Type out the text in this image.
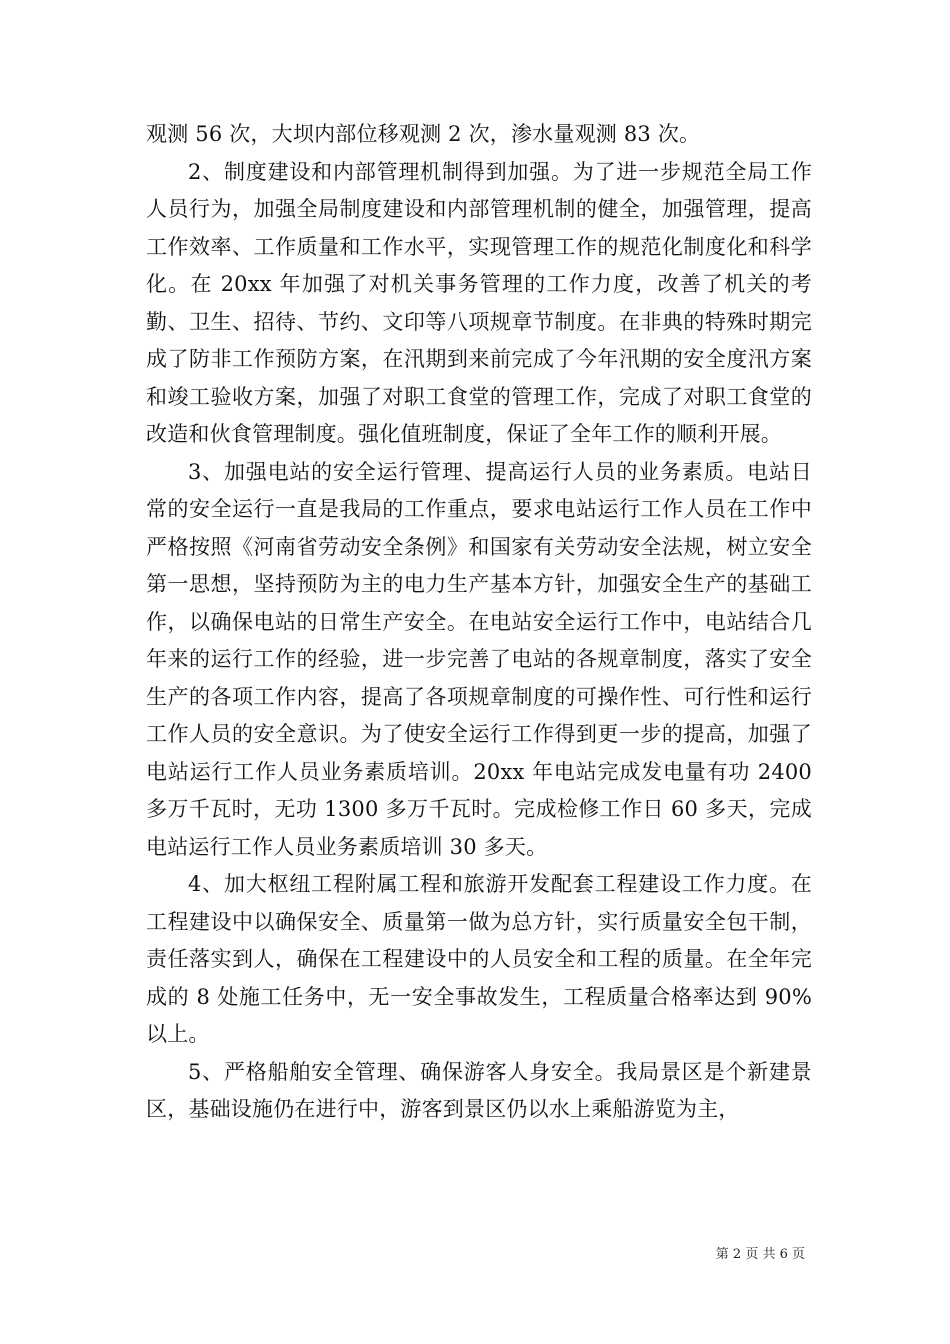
观测 56 次，大坝内部位移观测 2 次，渗水量观测 83 次。

2、制度建设和内部管理机制得到加强。为了进一步规范全局工作人员行为，加强全局制度建设和内部管理机制的健全，加强管理，提高工作效率、工作质量和工作水平，实现管理工作的规范化制度化和科学化。在 20xx 年加强了对机关事务管理的工作力度，改善了机关的考勤、卫生、招待、节约、文印等八项规章节制度。在非典的特殊时期完成了防非工作预防方案，在汛期到来前完成了今年汛期的安全度汛方案和竣工验收方案，加强了对职工食堂的管理工作，完成了对职工食堂的改造和伙食管理制度。强化值班制度，保证了全年工作的顺利开展。

3、加强电站的安全运行管理、提高运行人员的业务素质。电站日常的安全运行一直是我局的工作重点，要求电站运行工作人员在工作中严格按照《河南省劳动安全条例》和国家有关劳动安全法规，树立安全第一思想，坚持预防为主的电力生产基本方针，加强安全生产的基础工作，以确保电站的日常生产安全。在电站安全运行工作中，电站结合几年来的运行工作的经验，进一步完善了电站的各规章制度，落实了安全生产的各项工作内容，提高了各项规章制度的可操作性、可行性和运行工作人员的安全意识。为了使安全运行工作得到更一步的提高，加强了电站运行工作人员业务素质培训。20xx 年电站完成发电量有功 2400 多万千瓦时，无功 1300 多万千瓦时。完成检修工作日 60 多天，完成电站运行工作人员业务素质培训 30 多天。

4、加大枢纽工程附属工程和旅游开发配套工程建设工作力度。在工程建设中以确保安全、质量第一做为总方针，实行质量安全包干制，责任落实到人，确保在工程建设中的人员安全和工程的质量。在全年完成的 8 处施工任务中，无一安全事故发生，工程质量合格率达到 90%以上。

5、严格船舶安全管理、确保游客人身安全。我局景区是个新建景区，基础设施仍在进行中，游客到景区仍以水上乘船游览为主，

第 2 页 共 6 页
